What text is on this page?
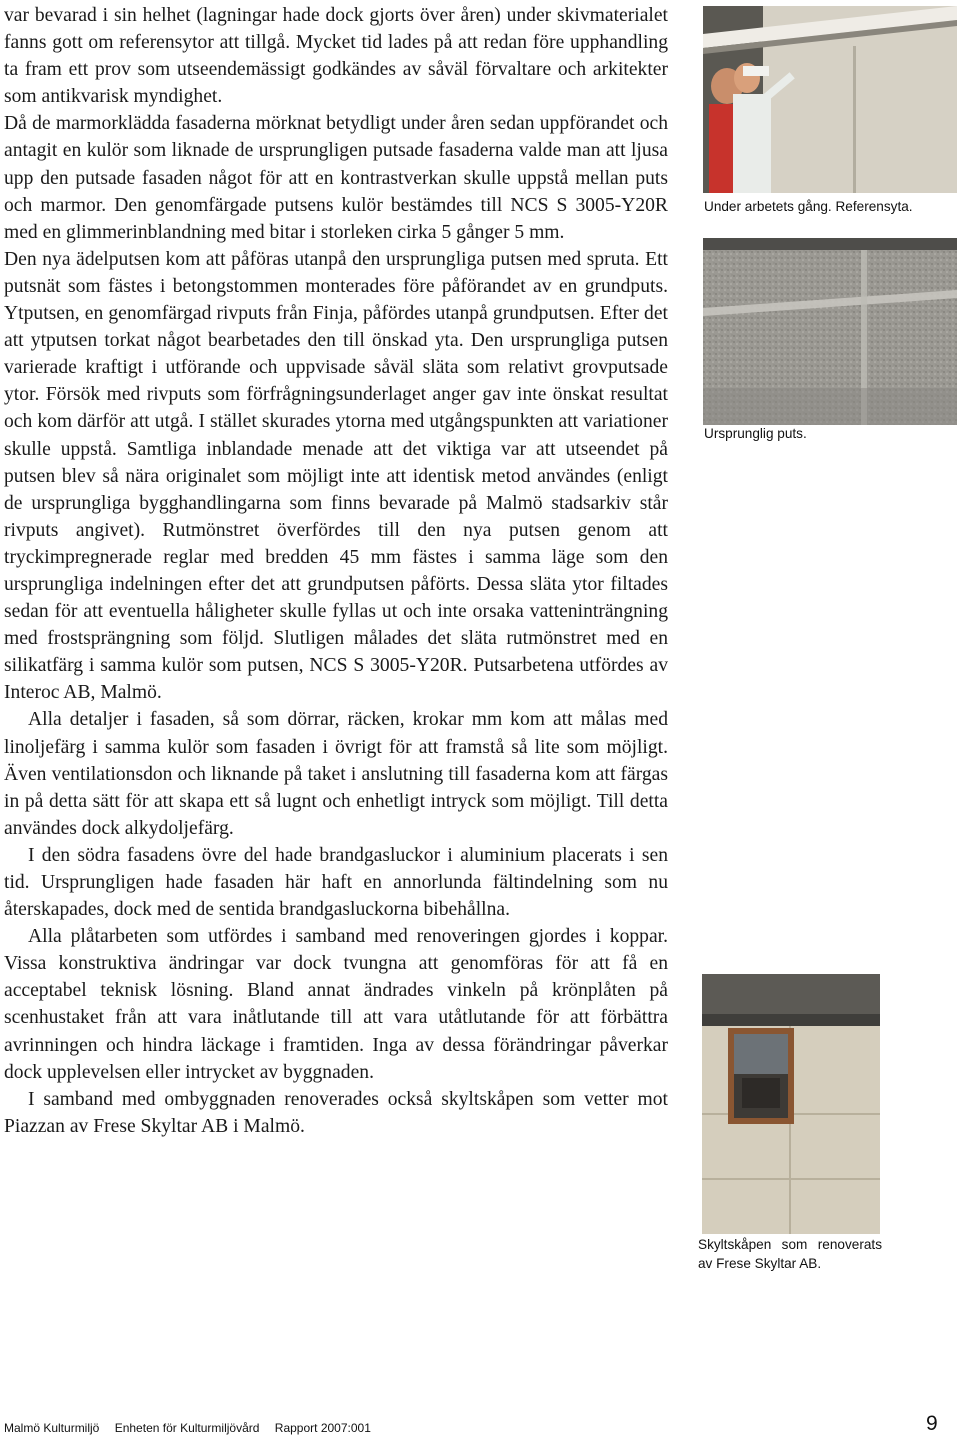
var bevarad i sin helhet (lagningar hade dock gjorts över åren) under skivmaterialet fanns gott om referensytor att tillgå. Mycket tid lades på att redan före upphandling ta fram ett prov som utseendemässigt godkändes av såväl förvaltare och arkitekter som antikvarisk myndighet.

Då de marmorklädda fasaderna mörknat betydligt under åren sedan uppförandet och antagit en kulör som liknade de ursprungligen putsade fasaderna valde man att ljusa upp den putsade fasaden något för att en kontrastverkan skulle uppstå mellan puts och marmor. Den genomfärgade putsens kulör bestämdes till NCS S 3005-Y20R med en glimmerinblandning med bitar i storleken cirka 5 gånger 5 mm.

Den nya ädelputsen kom att påföras utanpå den ursprungliga putsen med spruta. Ett putsnät som fästes i betongstommen monterades före påförandet av en grundputs. Ytputsen, en genomfärgad rivputs från Finja, påfördes utanpå grundputsen. Efter det att ytputsen torkat något bearbetades den till önskad yta. Den ursprungliga putsen varierade kraftigt i utförande och uppvisade såväl släta som relativt grovputsade ytor. Försök med rivputs som förfrågningsunderlaget anger gav inte önskat resultat och kom därför att utgå. I stället skurades ytorna med utgångspunkten att variationer skulle uppstå. Samtliga inblandade menade att det viktiga var att utseendet på putsen blev så nära originalet som möjligt inte att identisk metod användes (enligt de ursprungliga bygghandlingarna som finns bevarade på Malmö stadsarkiv står rivputs angivet). Rutmönstret överfördes till den nya putsen genom att tryckimpregnerade reglar med bredden 45 mm fästes i samma läge som den ursprungliga indelningen efter det att grundputsen påförts. Dessa släta ytor filtades sedan för att eventuella håligheter skulle fyllas ut och inte orsaka vatteninträngning med frostsprängning som följd. Slutligen målades det släta rutmönstret med en silikatfärg i samma kulör som putsen, NCS S 3005-Y20R. Putsarbetena utfördes av Interoc AB, Malmö.

Alla detaljer i fasaden, så som dörrar, räcken, krokar mm kom att målas med linoljefärg i samma kulör som fasaden i övrigt för att framstå så lite som möjligt. Även ventilationsdon och liknande på taket i anslutning till fasaderna kom att färgas in på detta sätt för att skapa ett så lugnt och enhetligt intryck som möjligt. Till detta användes dock alkydoljefärg.

I den södra fasadens övre del hade brandgasluckor i aluminium placerats i sen tid. Ursprungligen hade fasaden här haft en annorlunda fältindelning som nu återskapades, dock med de sentida brandgasluckorna bibehållna.

Alla plåtarbeten som utfördes i samband med renoveringen gjordes i koppar. Vissa konstruktiva ändringar var dock tvungna att genomföras för att få en acceptabel teknisk lösning. Bland annat ändrades vinkeln på krönplåten på scenhustaket från att vara inåtlutande till att vara utåtlutande för att förbättra avrinningen och hindra läckage i framtiden. Inga av dessa förändringar påverkar dock upplevelsen eller intrycket av byggnaden.

I samband med ombyggnaden renoverades också skyltskåpen som vetter mot Piazzan av Frese Skyltar AB i Malmö.

Under arbetets gång. Referensyta.
Ursprunglig puts.
Skyltskåpen som renoverats av Frese Skyltar AB.
Malmö Kulturmiljö Enheten för Kulturmiljövård Rapport 2007:001	9
